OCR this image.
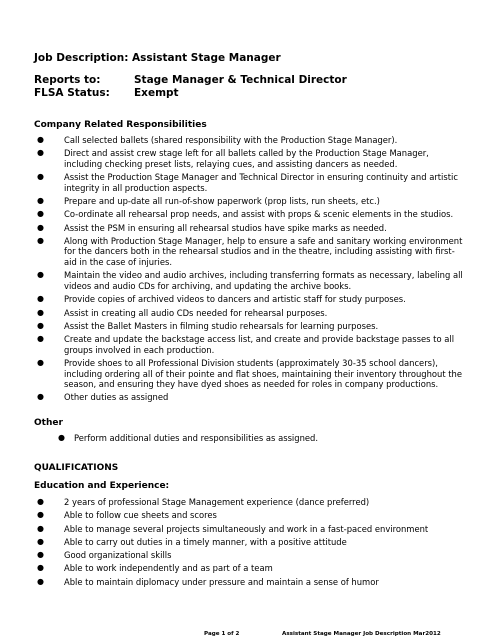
Job Description: Assistant Stage Manager
Reports to:	Stage Manager & Technical Director
FLSA Status: Exempt
Company Related Responsibilities
● Call selected ballets (shared responsibility with the Production Stage Manager).
● Direct and assist crew stage left for all ballets called by the Production Stage Manager, including checking preset lists, relaying cues, and assisting dancers as needed.
● Assist the Production Stage Manager and Technical Director in ensuring continuity and artistic integrity in all production aspects.
● Prepare and up-date all run-of-show paperwork (prop lists, run sheets, etc.)
● Co-ordinate all rehearsal prop needs, and assist with props & scenic elements in the studios.
● Assist the PSM in ensuring all rehearsal studios have spike marks as needed.
● Along with Production Stage Manager, help to ensure a safe and sanitary working environment for the dancers both in the rehearsal studios and in the theatre, including assisting with first-aid in the case of injuries.
● Maintain the video and audio archives, including transferring formats as necessary, labeling all videos and audio CDs for archiving, and updating the archive books.
● Provide copies of archived videos to dancers and artistic staff for study purposes.
● Assist in creating all audio CDs needed for rehearsal purposes.
● Assist the Ballet Masters in filming studio rehearsals for learning purposes.
● Create and update the backstage access list, and create and provide backstage passes to all groups involved in each production.
● Provide shoes to all Professional Division students (approximately 30-35 school dancers), including ordering all of their pointe and flat shoes, maintaining their inventory throughout the season, and ensuring they have dyed shoes as needed for roles in company productions.
● Other duties as assigned
Other
● Perform additional duties and responsibilities as assigned.
QUALIFICATIONS
Education and Experience:
● 2 years of professional Stage Management experience (dance preferred)
● Able to follow cue sheets and scores
● Able to manage several projects simultaneously and work in a fast-paced environment
● Able to carry out duties in a timely manner, with a positive attitude
● Good organizational skills
● Able to work independently and as part of a team
● Able to maintain diplomacy under pressure and maintain a sense of humor
Page 1 of 2	Assistant Stage Manager Job Description Mar2012
